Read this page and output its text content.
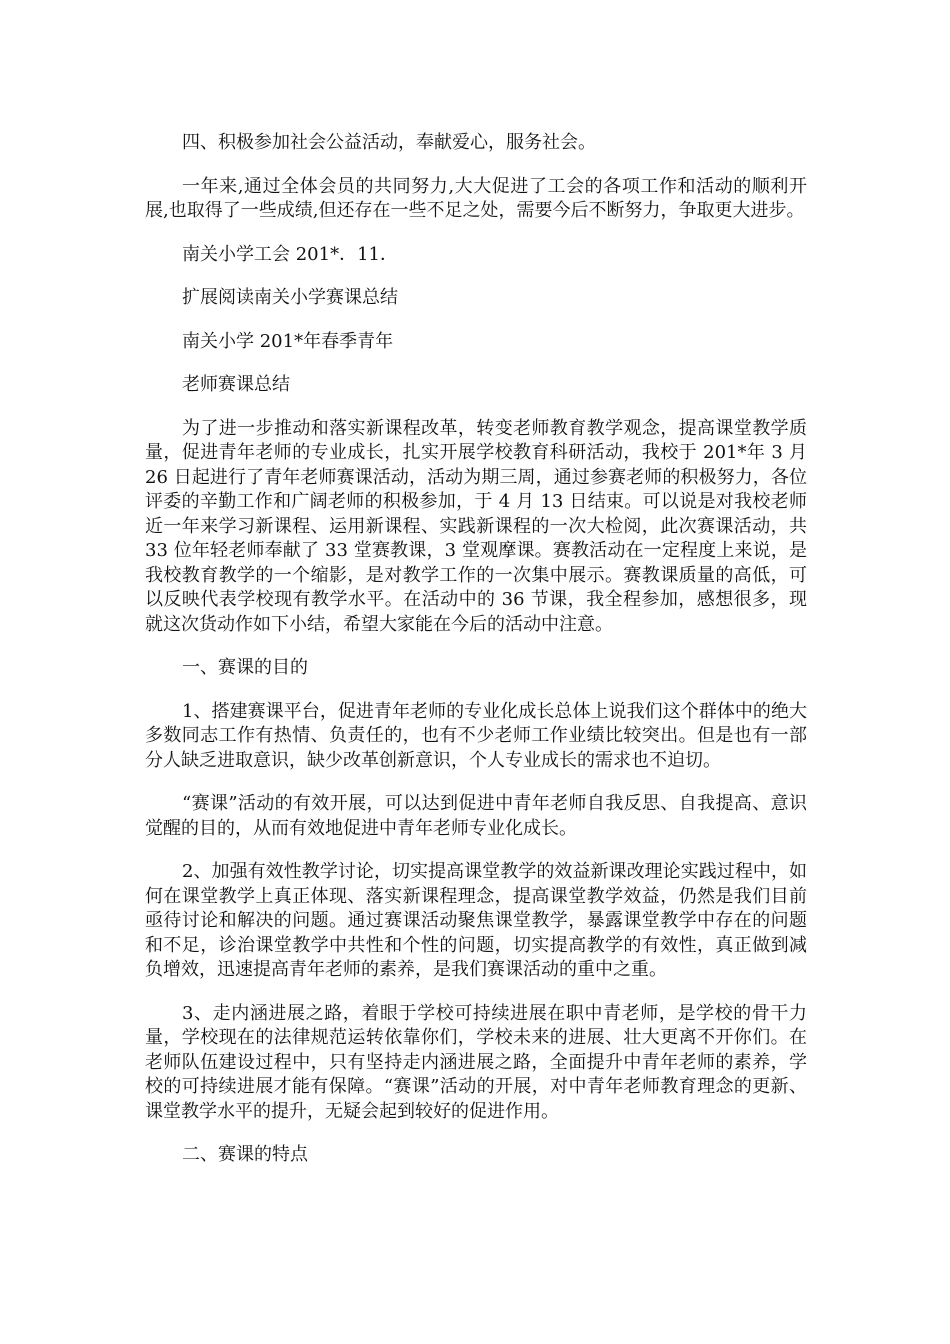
四、积极参加社会公益活动，奉献爱心，服务社会。

一年来,通过全体会员的共同努力,大大促进了工会的各项工作和活动的顺利开展,也取得了一些成绩,但还存在一些不足之处，需要今后不断努力，争取更大进步。

南关小学工会 201*．11．

扩展阅读南关小学赛课总结

南关小学 201*年春季青年

老师赛课总结

为了进一步推动和落实新课程改革，转变老师教育教学观念，提高课堂教学质量，促进青年老师的专业成长，扎实开展学校教育科研活动，我校于 201*年 3 月 26 日起进行了青年老师赛课活动，活动为期三周，通过参赛老师的积极努力，各位评委的辛勤工作和广阔老师的积极参加，于 4 月 13 日结束。可以说是对我校老师近一年来学习新课程、运用新课程、实践新课程的一次大检阅，此次赛课活动，共 33 位年轻老师奉献了 33 堂赛教课，3 堂观摩课。赛教活动在一定程度上来说，是我校教育教学的一个缩影，是对教学工作的一次集中展示。赛教课质量的高低，可以反映代表学校现有教学水平。在活动中的 36 节课，我全程参加，感想很多，现就这次货动作如下小结，希望大家能在今后的活动中注意。

一、赛课的目的

1、搭建赛课平台，促进青年老师的专业化成长总体上说我们这个群体中的绝大多数同志工作有热情、负责任的，也有不少老师工作业绩比较突出。但是也有一部分人缺乏进取意识，缺少改革创新意识，个人专业成长的需求也不迫切。

“赛课”活动的有效开展，可以达到促进中青年老师自我反思、自我提高、意识觉醒的目的，从而有效地促进中青年老师专业化成长。

2、加强有效性教学讨论，切实提高课堂教学的效益新课改理论实践过程中，如何在课堂教学上真正体现、落实新课程理念，提高课堂教学效益，仍然是我们目前亟待讨论和解决的问题。通过赛课活动聚焦课堂教学，暴露课堂教学中存在的问题和不足，诊治课堂教学中共性和个性的问题，切实提高教学的有效性，真正做到减负增效，迅速提高青年老师的素养，是我们赛课活动的重中之重。

3、走内涵进展之路，着眼于学校可持续进展在职中青老师，是学校的骨干力量，学校现在的法律规范运转依靠你们，学校未来的进展、壮大更离不开你们。在老师队伍建设过程中，只有坚持走内涵进展之路，全面提升中青年老师的素养，学校的可持续进展才能有保障。“赛课”活动的开展，对中青年老师教育理念的更新、课堂教学水平的提升，无疑会起到较好的促进作用。

二、赛课的特点
